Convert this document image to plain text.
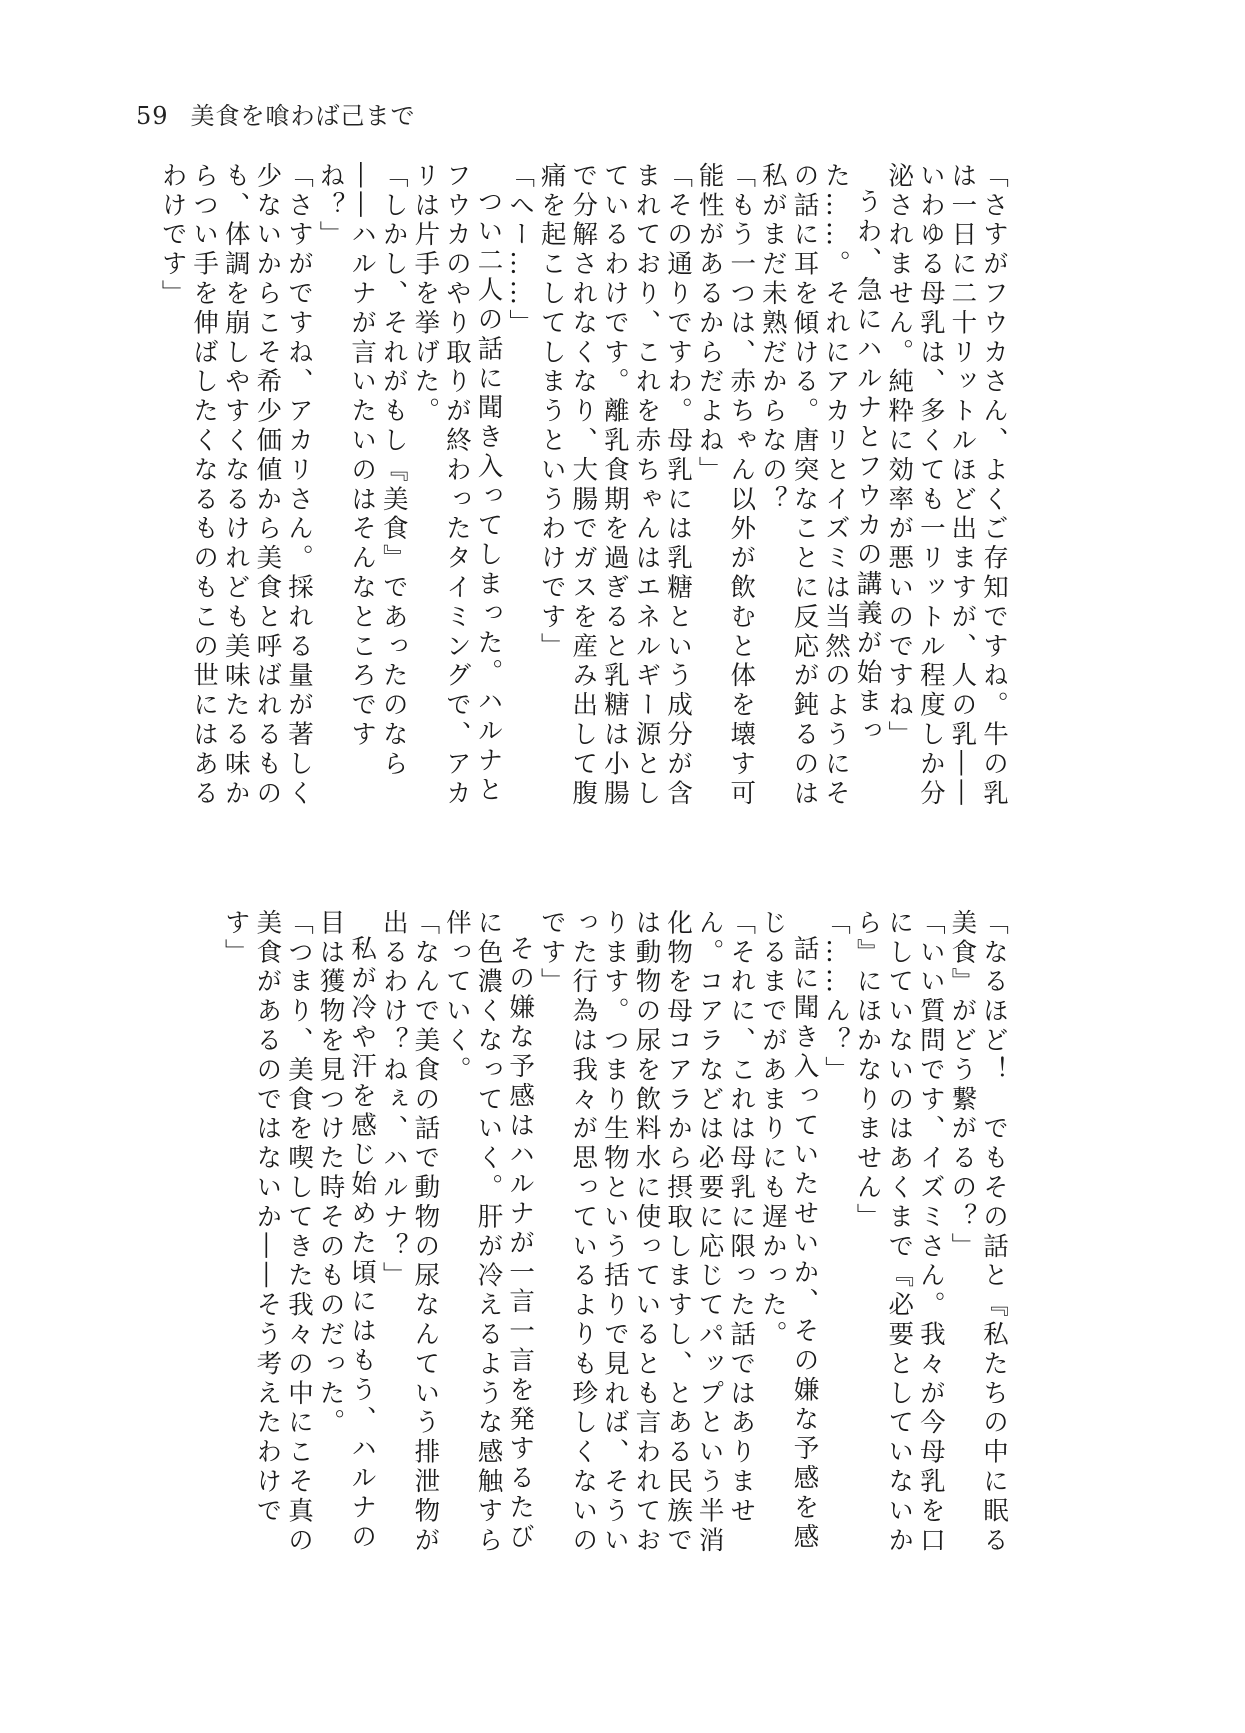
59 美食を喰わば己まで

「さすがフウカさん、よくご存知ですね。牛の乳は一日に二十リットルほど出ますが、人の乳――いわゆる母乳は、多くても一リットル程度しか分泌されません。純粋に効率が悪いのですね」

うわ、急にハルナとフウカの講義が始まった……。それにアカリとイズミは当然のようにその話に耳を傾ける。唐突なことに反応が鈍るのは私がまだ未熟だからなの？

「もう一つは、赤ちゃん以外が飲むと体を壊す可能性があるからだよね」

「その通りですわ。母乳には乳糖という成分が含まれており、これを赤ちゃんはエネルギー源としているわけです。離乳食期を過ぎると乳糖は小腸で分解されなくなり、大腸でガスを産み出して腹痛を起こしてしまうというわけです」

「へー……」

つい二人の話に聞き入ってしまった。ハルナとフウカのやり取りが終わったタイミングで、アカリは片手を挙げた。

「しかし、それがもし『美食』であったのなら――ハルナが言いたいのはそんなところですね？」

「さすがですね、アカリさん。採れる量が著しく少ないからこそ希少価値から美食と呼ばれるものも、体調を崩しやすくなるけれども美味たる味からつい手を伸ばしたくなるものもこの世にはあるわけです」

「なるほど！　でもその話と『私たちの中に眠る美食』がどう繋がるの？」

「いい質問です、イズミさん。我々が今母乳を口にしていないのはあくまで『必要としていないから』にほかなりません」

「……ん？」

話に聞き入っていたせいか、その嫌な予感を感じるまでがあまりにも遅かった。

「それに、これは母乳に限った話ではありません。コアラなどは必要に応じてパップという半消化物を母コアラから摂取しますし、とある民族では動物の尿を飲料水に使っているとも言われております。つまり生物という括りで見れば、そういった行為は我々が思っているよりも珍しくないのです」

その嫌な予感はハルナが一言一言を発するたびに色濃くなっていく。肝が冷えるような感触すら伴っていく。

「なんで美食の話で動物の尿なんていう排泄物が出るわけ？ねぇ、ハルナ？」

私が冷や汗を感じ始めた頃にはもう、ハルナの目は獲物を見つけた時そのものだった。

「つまり、美食を喫してきた我々の中にこそ真の美食があるのではないか――そう考えたわけです」
